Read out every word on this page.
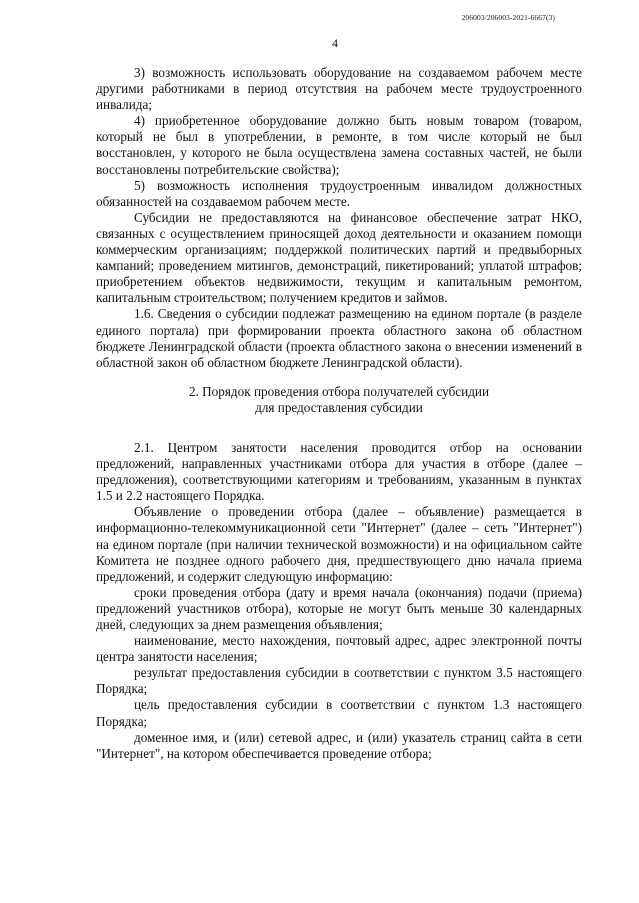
206003/206003-2021-6667(3)
4

3) возможность использовать оборудование на создаваемом рабочем месте другими работниками в период отсутствия на рабочем месте трудоустроенного инвалида;

4) приобретенное оборудование должно быть новым товаром (товаром, который не был в употреблении, в ремонте, в том числе который не был восстановлен, у которого не была осуществлена замена составных частей, не были восстановлены потребительские свойства);

5) возможность исполнения трудоустроенным инвалидом должностных обязанностей на создаваемом рабочем месте.

Субсидии не предоставляются на финансовое обеспечение затрат НКО, связанных с осуществлением приносящей доход деятельности и оказанием помощи коммерческим организациям; поддержкой политических партий и предвыборных кампаний; проведением митингов, демонстраций, пикетирований; уплатой штрафов; приобретением объектов недвижимости, текущим и капитальным ремонтом, капитальным строительством; получением кредитов и займов.

1.6. Сведения о субсидии подлежат размещению на едином портале (в разделе единого портала) при формировании проекта областного закона об областном бюджете Ленинградской области (проекта областного закона о внесении изменений в областной закон об областном бюджете Ленинградской области).

2. Порядок проведения отбора получателей субсидии
для предоставления субсидии

2.1. Центром занятости населения проводится отбор на основании предложений, направленных участниками отбора для участия в отборе (далее – предложения), соответствующими категориям и требованиям, указанным в пунктах 1.5 и 2.2 настоящего Порядка.

Объявление о проведении отбора (далее – объявление) размещается в информационно-телекоммуникационной сети "Интернет" (далее – сеть "Интернет") на едином портале (при наличии технической возможности) и на официальном сайте Комитета не позднее одного рабочего дня, предшествующего дню начала приема предложений, и содержит следующую информацию:

сроки проведения отбора (дату и время начала (окончания) подачи (приема) предложений участников отбора), которые не могут быть меньше 30 календарных дней, следующих за днем размещения объявления;

наименование, место нахождения, почтовый адрес, адрес электронной почты центра занятости населения;

результат предоставления субсидии в соответствии с пунктом 3.5 настоящего Порядка;

цель предоставления субсидии в соответствии с пунктом 1.3 настоящего Порядка;

доменное имя, и (или) сетевой адрес, и (или) указатель страниц сайта в сети "Интернет", на котором обеспечивается проведение отбора;
